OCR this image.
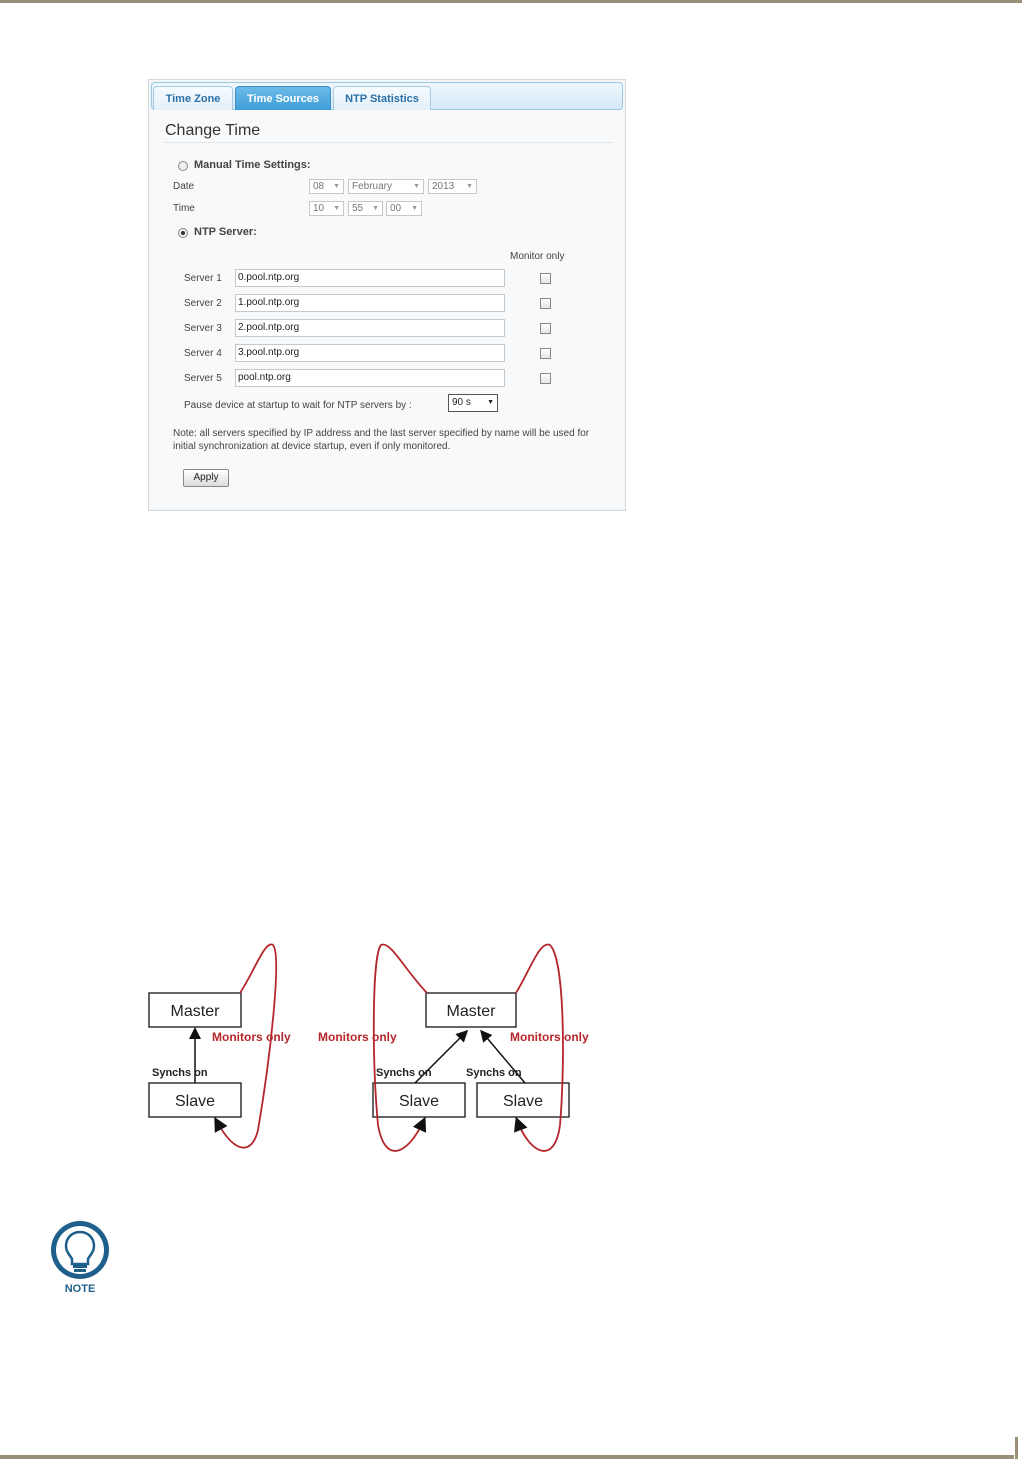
Time Zone	Time Sources	NTP Statistics
Change Time
Manual Time Settings:
Date	08 ▼	February	▼	2013 ▼
Time	10 ▼	55 ▼	00 ▼
NTP Server:
Monitor only
Server 1	0.pool.ntp.org
Server 2	1.pool.ntp.org
Server 3	2.pool.ntp.org
Server 4	3.pool.ntp.org
Server 5	pool.ntp.org
Pause device at startup to wait for NTP servers by :	90 s ▼
Note: all servers specified by IP address and the last server specified by name will be used for initial synchronization at device startup, even if only monitored.
Apply
Master
Slave
Master
Slave	Slave
Monitors only Monitors only	Monitors only
Synchs on	Synchs on	Synchs on
NOTE
